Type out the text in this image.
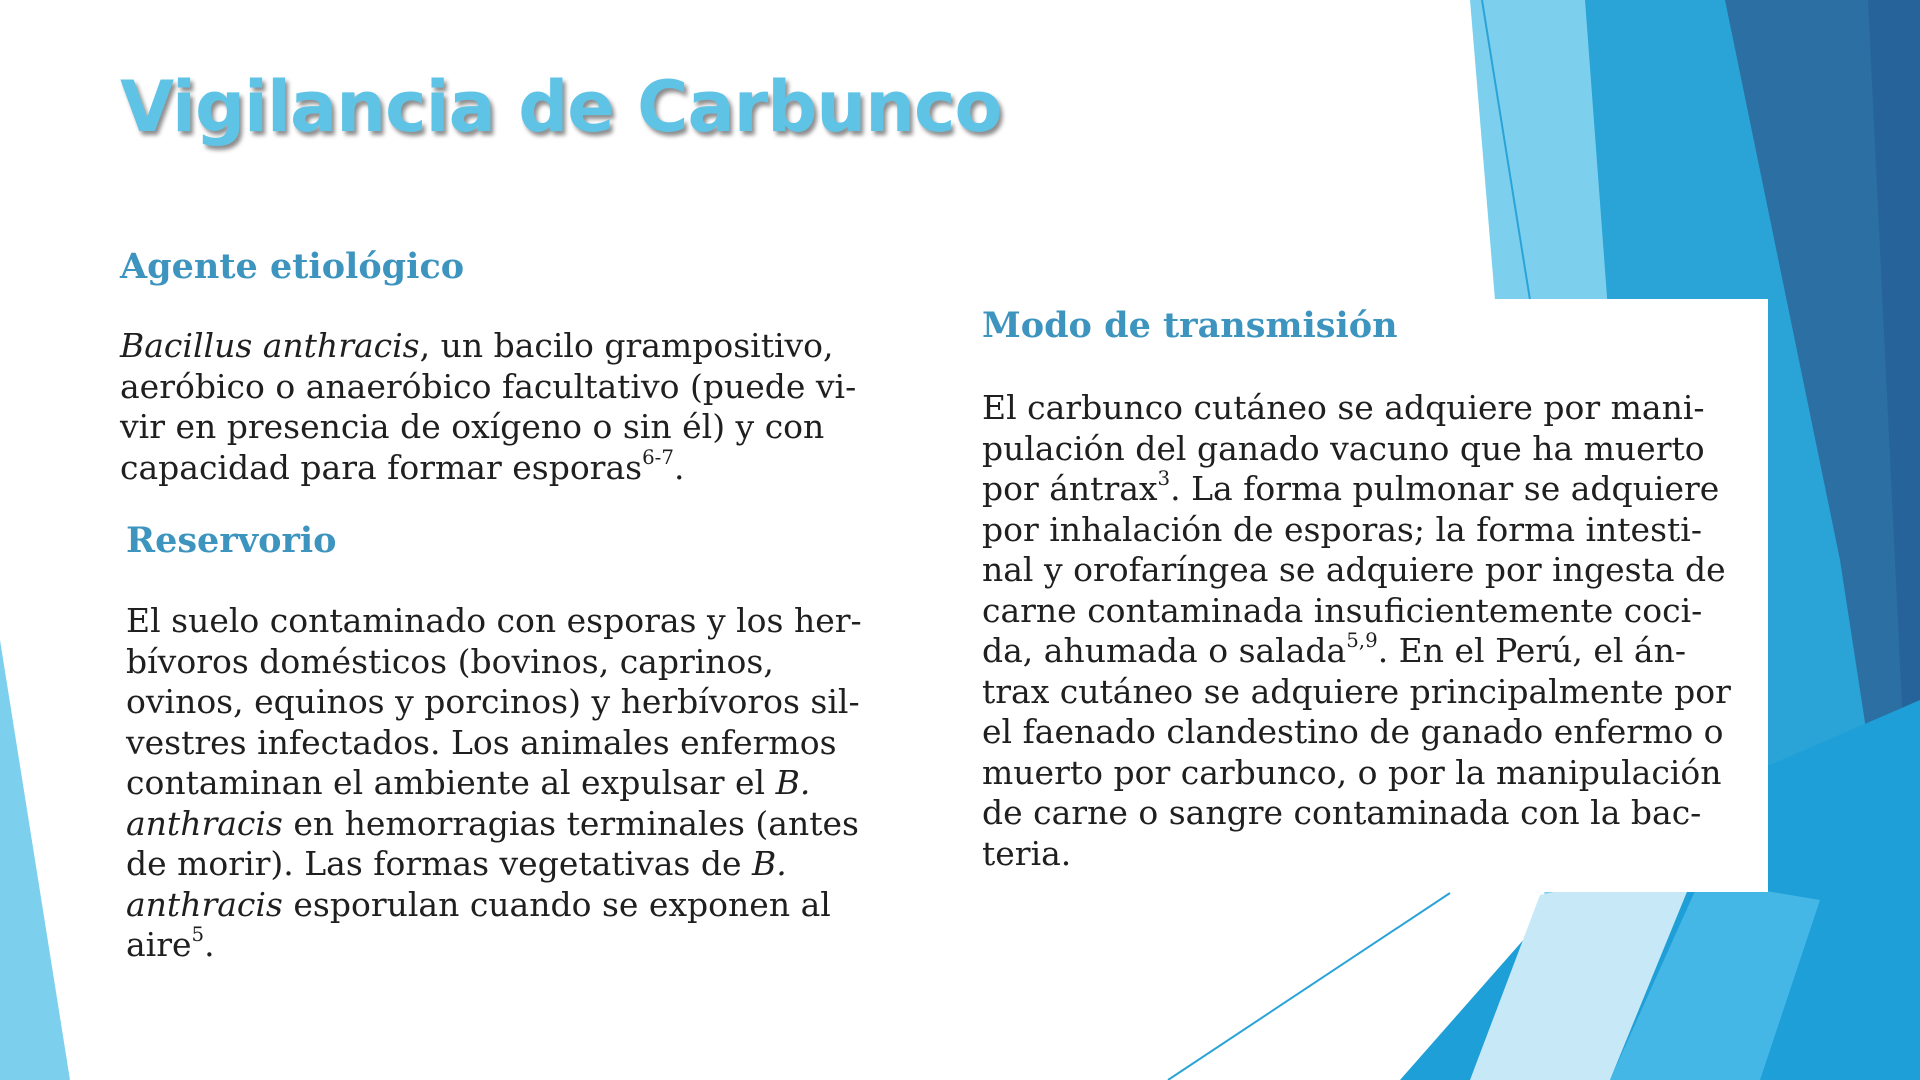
Vigilancia de Carbunco
Agente etiológico
Bacillus anthracis, un bacilo grampositivo,
aeróbico o anaeróbico facultativo (puede vi-
vir en presencia de oxígeno o sin él) y con
capacidad para formar esporas$^{6-7}$.
Reservorio
El suelo contaminado con esporas y los her-
bívoros domésticos (bovinos, caprinos,
ovinos, equinos y porcinos) y herbívoros sil-
vestres infectados. Los animales enfermos
contaminan el ambiente al expulsar el B.
anthracis en hemorragias terminales (antes
de morir). Las formas vegetativas de B.
anthracis esporulan cuando se exponen al
aire$^5$.
Modo de transmisión
El carbunco cutáneo se adquiere por mani-
pulación del ganado vacuno que ha muerto
por ántrax$^3$. La forma pulmonar se adquiere
por inhalación de esporas; la forma intesti-
nal y orofaríngea se adquiere por ingesta de
carne contaminada insuficientemente coci-
da, ahumada o salada$^{5,9}$. En el Perú, el án-
trax cutáneo se adquiere principalmente por
el faenado clandestino de ganado enfermo o
muerto por carbunco, o por la manipulación
de carne o sangre contaminada con la bac-
teria.
